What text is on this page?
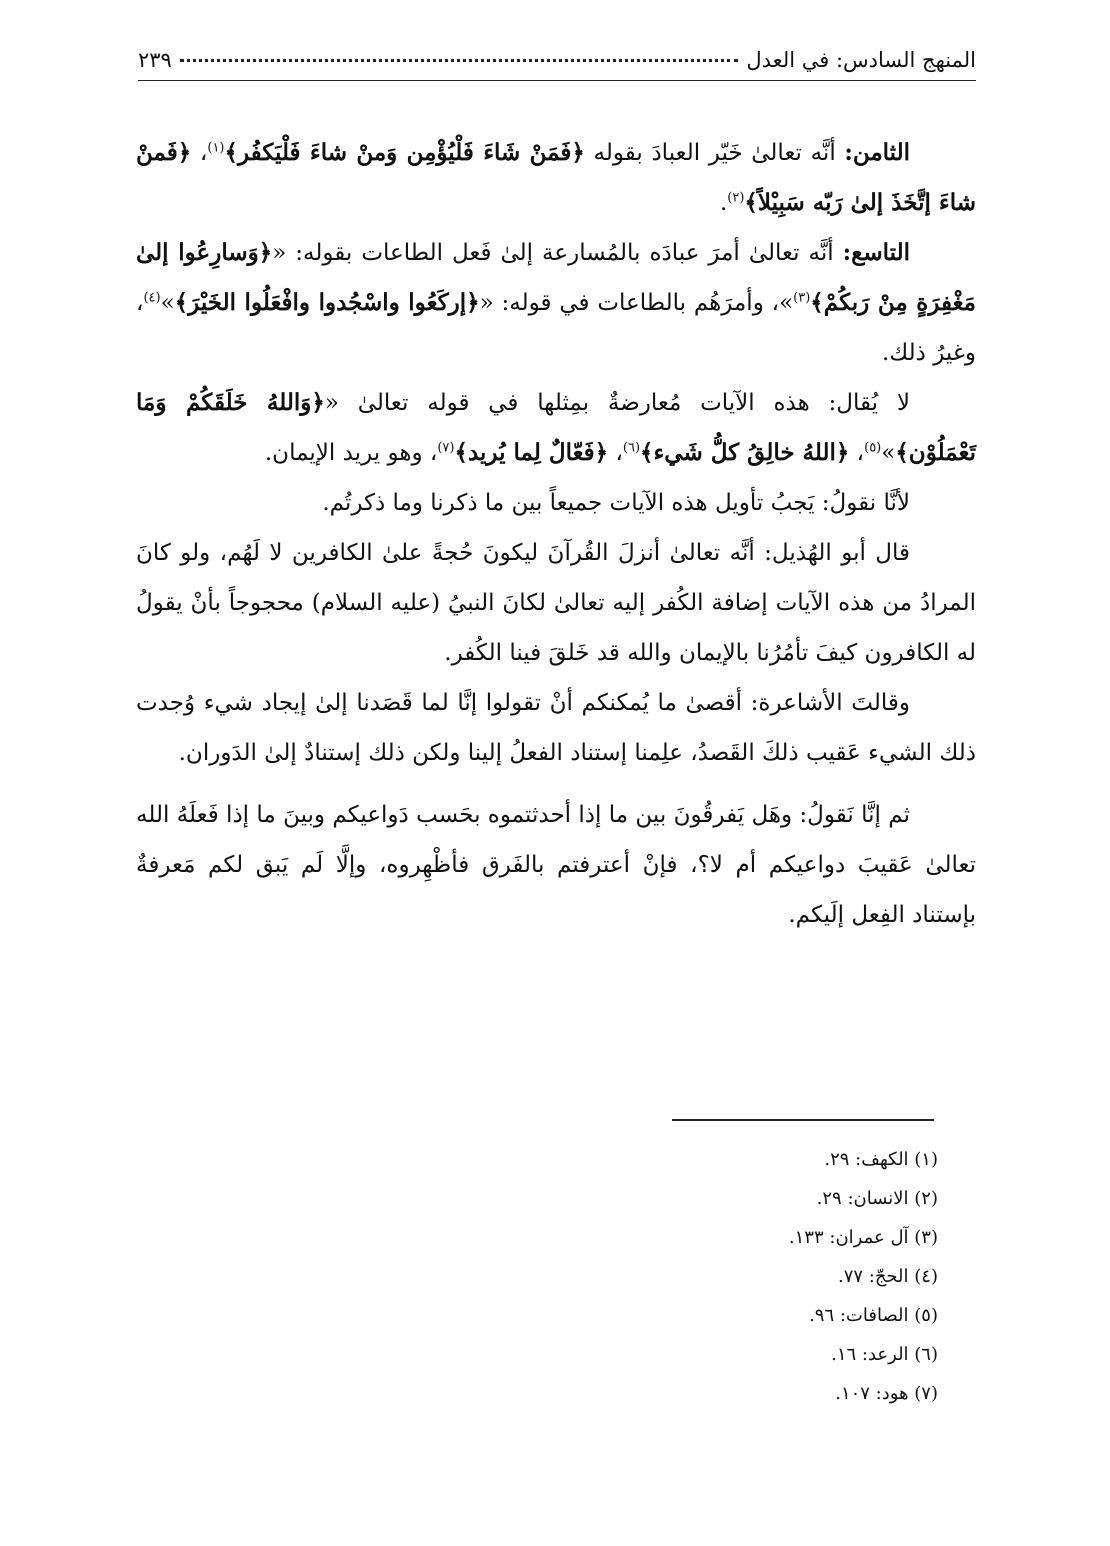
المنهج السادس: في العدل
٢٣٩

الثامن: أنَّه تعالىٰ خَيّر العبادَ بقوله ﴿فَمَنْ شَاءَ فَلْيُؤْمِن وَمنْ شاءَ فَلْيَكفُر﴾$^{(١)}$، ﴿فَمنْ شاءَ إتَّخَذَ إلىٰ رَبّه سَبِيْلاً﴾$^{(٢)}$.

التاسع: أنَّه تعالىٰ أمرَ عبادَه بالمُسارعة إلىٰ فَعل الطاعات بقوله: «﴿وَسارِعُوا إلىٰ مَغْفِرَةٍ مِنْ رَبكُمْ﴾$^{(٣)}$»، وأمرَهُم بالطاعات في قوله: «﴿إركَعُوا واسْجُدوا وافْعَلُوا الخَيْرَ﴾»$^{(٤)}$، وغيرُ ذلك.

لا يُقال: هذه الآيات مُعارضةٌ بمِثلها في قوله تعالىٰ «﴿وَاللهُ خَلَقَكُمْ وَمَا تَعْمَلُوْن﴾»$^{(٥)}$، ﴿اللهُ خالِقُ كلُّ شَيء﴾$^{(٦)}$، ﴿فَعّالٌ لِما يُريد﴾$^{(٧)}$، وهو يريد الإيمان.

لأنَّا نقولُ: يَجبُ تأويل هذه الآيات جميعاً بين ما ذكرنا وما ذكرتُم.

قال أبو الهُذيل: أنَّه تعالىٰ أنزلَ القُرآنَ ليكونَ حُجةً علىٰ الكافرين لا لَهُم، ولو كانَ المرادُ من هذه الآيات إضافة الكُفر إليه تعالىٰ لكانَ النبيُ (عليه السلام) محجوجاً بأنْ يقولُ له الكافرون كيفَ تأمُرُنا بالإيمان والله قد خَلقَ فينا الكُفر.

وقالتَ الأشاعرة: أقصىٰ ما يُمكنكم أنْ تقولوا إنَّا لما قَصَدنا إلىٰ إيجاد شيء وُجدت ذلك الشيء عَقيب ذلكَ القَصدُ، علِمنا إستناد الفعلُ إلينا ولكن ذلك إستنادٌ إلىٰ الدَوران.

ثم إنَّا نَقولُ: وهَل يَفرقُونَ بين ما إذا أحدثتموه بحَسب دَواعيكم وبينَ ما إذا فَعلَهُ الله تعالىٰ عَقيبَ دواعيكم أم لا؟، فإنْ أعترفتم بالفَرق فأظْهِروه، وإلَّا لَم يَبق لكم مَعرفةٌ بإستناد الفِعل إلَيكم.

(١) الكهف: ٢٩.
(٢) الانسان: ٢٩.
(٣) آل عمران: ١٣٣.
(٤) الحجّ: ٧٧.
(٥) الصافات: ٩٦.
(٦) الرعد: ١٦.
(٧) هود: ١٠٧.
